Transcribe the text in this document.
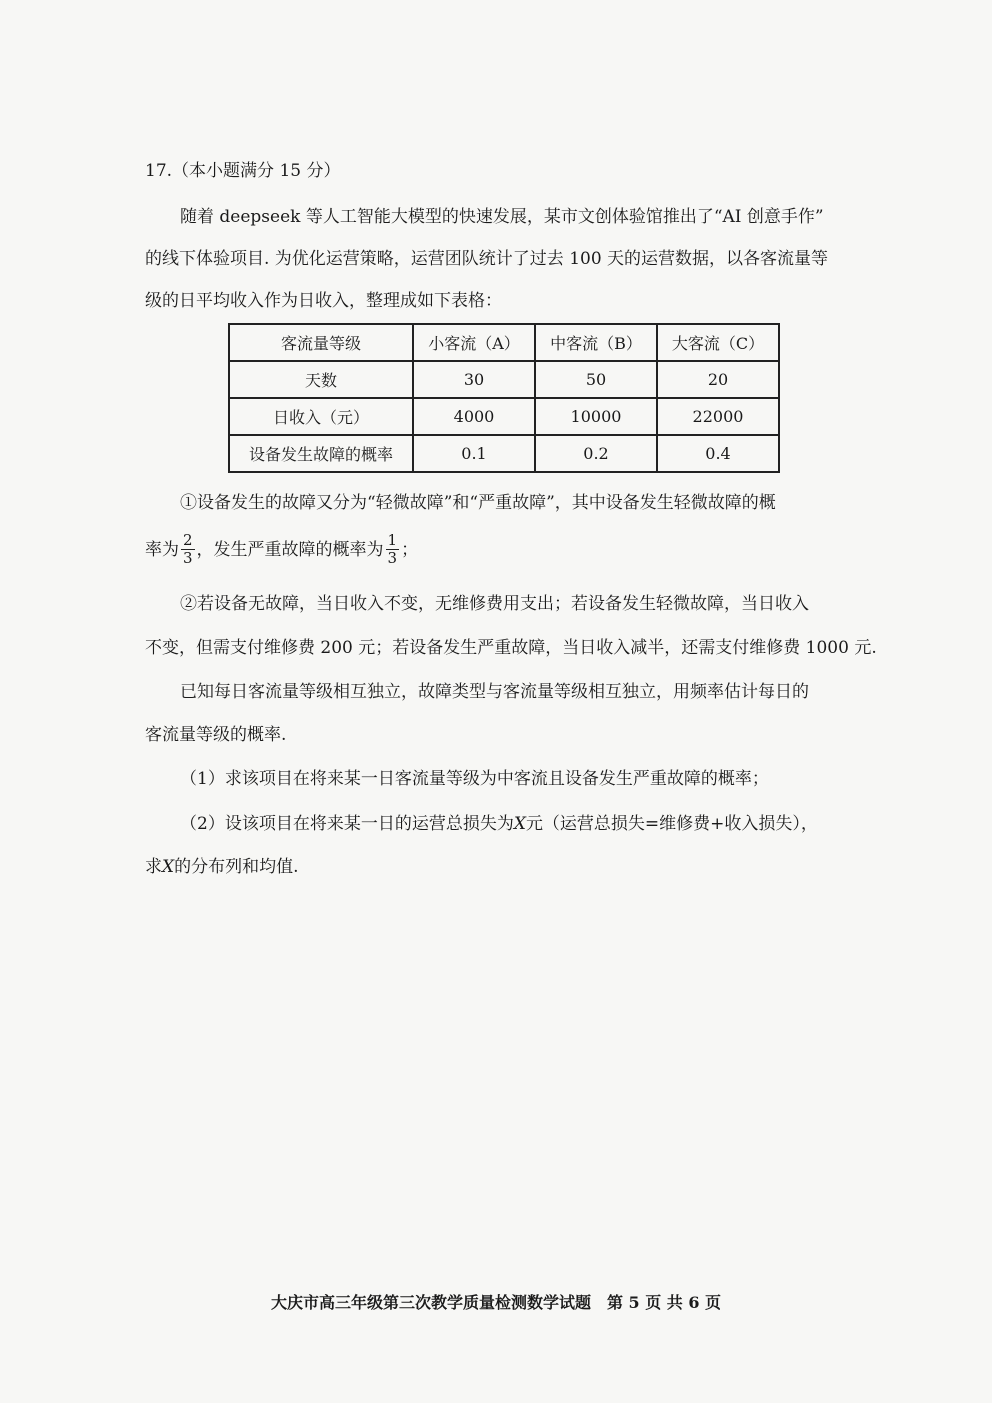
17.（本小题满分 15 分）
随着 deepseek 等人工智能大模型的快速发展，某市文创体验馆推出了“AI 创意手作”
的线下体验项目. 为优化运营策略，运营团队统计了过去 100 天的运营数据，以各客流量等
级的日平均收入作为日收入，整理成如下表格：
客流量等级	小客流（A）	中客流（B）	大客流（C）
天数	30	50	20
日收入（元）	4000	10000	22000
设备发生故障的概率	0.1	0.2	0.4
①设备发生的故障又分为“轻微故障”和“严重故障”，其中设备发生轻微故障的概
率为 $\frac{2}{3}$ ，发生严重故障的概率为 $\frac{1}{3}$ ；
②若设备无故障，当日收入不变，无维修费用支出；若设备发生轻微故障，当日收入
不变，但需支付维修费 200 元；若设备发生严重故障，当日收入减半，还需支付维修费 1000 元.
已知每日客流量等级相互独立，故障类型与客流量等级相互独立，用频率估计每日的
客流量等级的概率.
（1）求该项目在将来某一日客流量等级为中客流且设备发生严重故障的概率；
（2）设该项目在将来某一日的运营总损失为X元（运营总损失=维修费+收入损失），
求X的分布列和均值.
大庆市高三年级第三次教学质量检测数学试题　第 5 页 共 6 页
